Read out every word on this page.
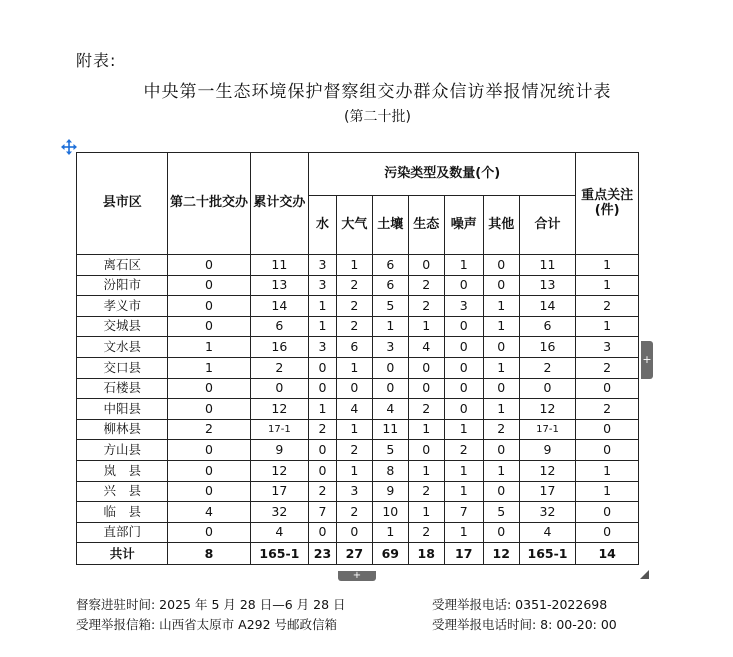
附表:
中央第一生态环境保护督察组交办群众信访举报情况统计表
(第二十批)
县市区	第二十批交办	累计交办	污染类型及数量(个)							重点关注(件)
			水	大气	土壤	生态	噪声	其他	合计	
离石区	0	11	3	1	6	0	1	0	11	1
汾阳市	0	13	3	2	6	2	0	0	13	1
孝义市	0	14	1	2	5	2	3	1	14	2
交城县	0	6	1	2	1	1	0	1	6	1
文水县	1	16	3	6	3	4	0	0	16	3
交口县	1	2	0	1	0	0	0	1	2	2
石楼县	0	0	0	0	0	0	0	0	0	0
中阳县	0	12	1	4	4	2	0	1	12	2
柳林县	2	17-1	2	1	11	1	1	2	17-1	0
方山县	0	9	0	2	5	0	2	0	9	0
岚　县	0	12	0	1	8	1	1	1	12	1
兴　县	0	17	2	3	9	2	1	0	17	1
临　县	4	32	7	2	10	1	7	5	32	0
直部门	0	4	0	0	1	2	1	0	4	0
共计	8	165-1	23	27	69	18	17	12	165-1	14
+
+
督察进驻时间: 2025 年 5 月 28 日—6 月 28 日	受理举报电话: 0351-2022698
受理举报信箱: 山西省太原市 A292 号邮政信箱	受理举报电话时间: 8: 00-20: 00
